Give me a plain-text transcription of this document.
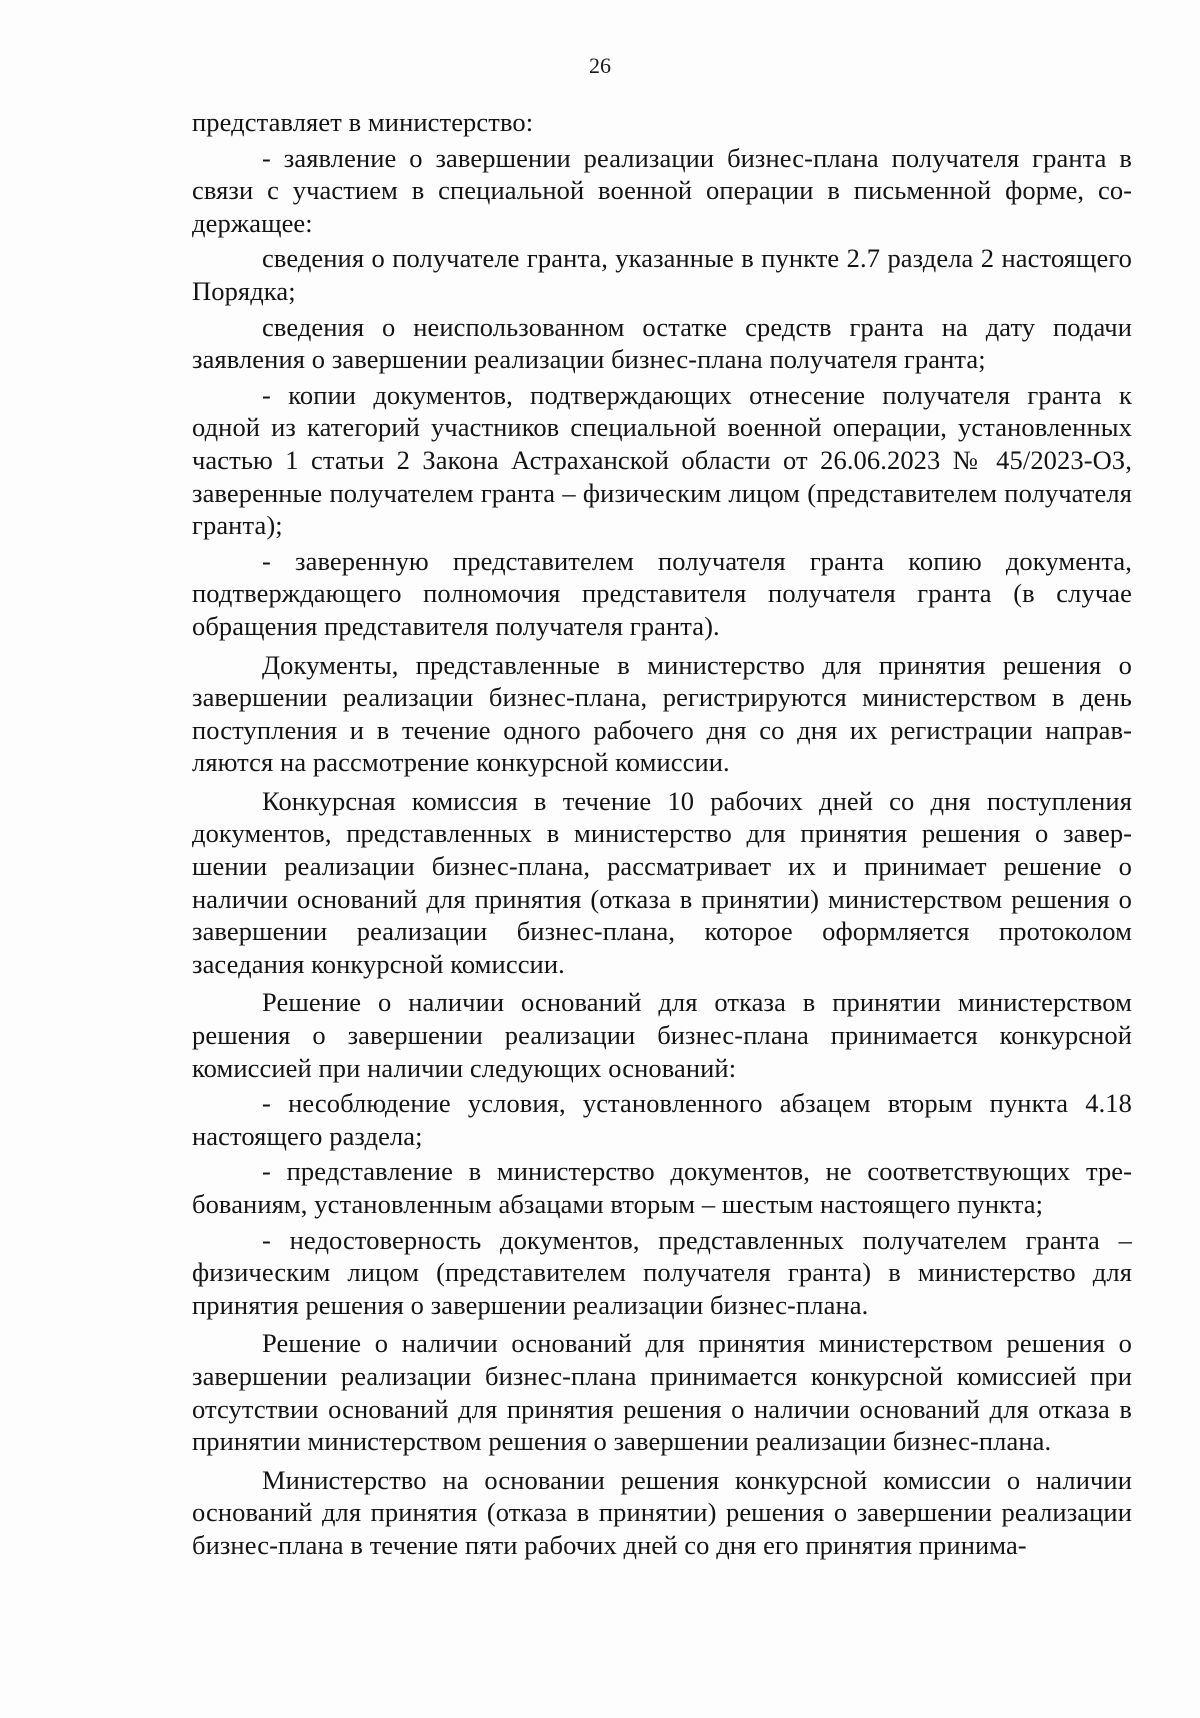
26

представляет в министерство:

- заявление о завершении реализации бизнес-плана получателя гранта в связи с участием в специальной военной операции в письменной форме, содержащее:

сведения о получателе гранта, указанные в пункте 2.7 раздела 2 настоящего Порядка;

сведения о неиспользованном остатке средств гранта на дату подачи заявления о завершении реализации бизнес-плана получателя гранта;

- копии документов, подтверждающих отнесение получателя гранта к одной из категорий участников специальной военной операции, установленных частью 1 статьи 2 Закона Астраханской области от 26.06.2023 № 45/2023-ОЗ, заверенные получателем гранта – физическим лицом (представителем получателя гранта);

- заверенную представителем получателя гранта копию документа, подтверждающего полномочия представителя получателя гранта (в случае обращения представителя получателя гранта).

Документы, представленные в министерство для принятия решения о завершении реализации бизнес-плана, регистрируются министерством в день поступления и в течение одного рабочего дня со дня их регистрации направляются на рассмотрение конкурсной комиссии.

Конкурсная комиссия в течение 10 рабочих дней со дня поступления документов, представленных в министерство для принятия решения о завершении реализации бизнес-плана, рассматривает их и принимает решение о наличии оснований для принятия (отказа в принятии) министерством решения о завершении реализации бизнес-плана, которое оформляется протоколом заседания конкурсной комиссии.

Решение о наличии оснований для отказа в принятии министерством решения о завершении реализации бизнес-плана принимается конкурсной комиссией при наличии следующих оснований:

- несоблюдение условия, установленного абзацем вторым пункта 4.18 настоящего раздела;

- представление в министерство документов, не соответствующих требованиям, установленным абзацами вторым – шестым настоящего пункта;

- недостоверность документов, представленных получателем гранта – физическим лицом (представителем получателя гранта) в министерство для принятия решения о завершении реализации бизнес-плана.

Решение о наличии оснований для принятия министерством решения о завершении реализации бизнес-плана принимается конкурсной комиссией при отсутствии оснований для принятия решения о наличии оснований для отказа в принятии министерством решения о завершении реализации бизнес-плана.

Министерство на основании решения конкурсной комиссии о наличии оснований для принятия (отказа в принятии) решения о завершении реализации бизнес-плана в течение пяти рабочих дней со дня его принятия принима-
